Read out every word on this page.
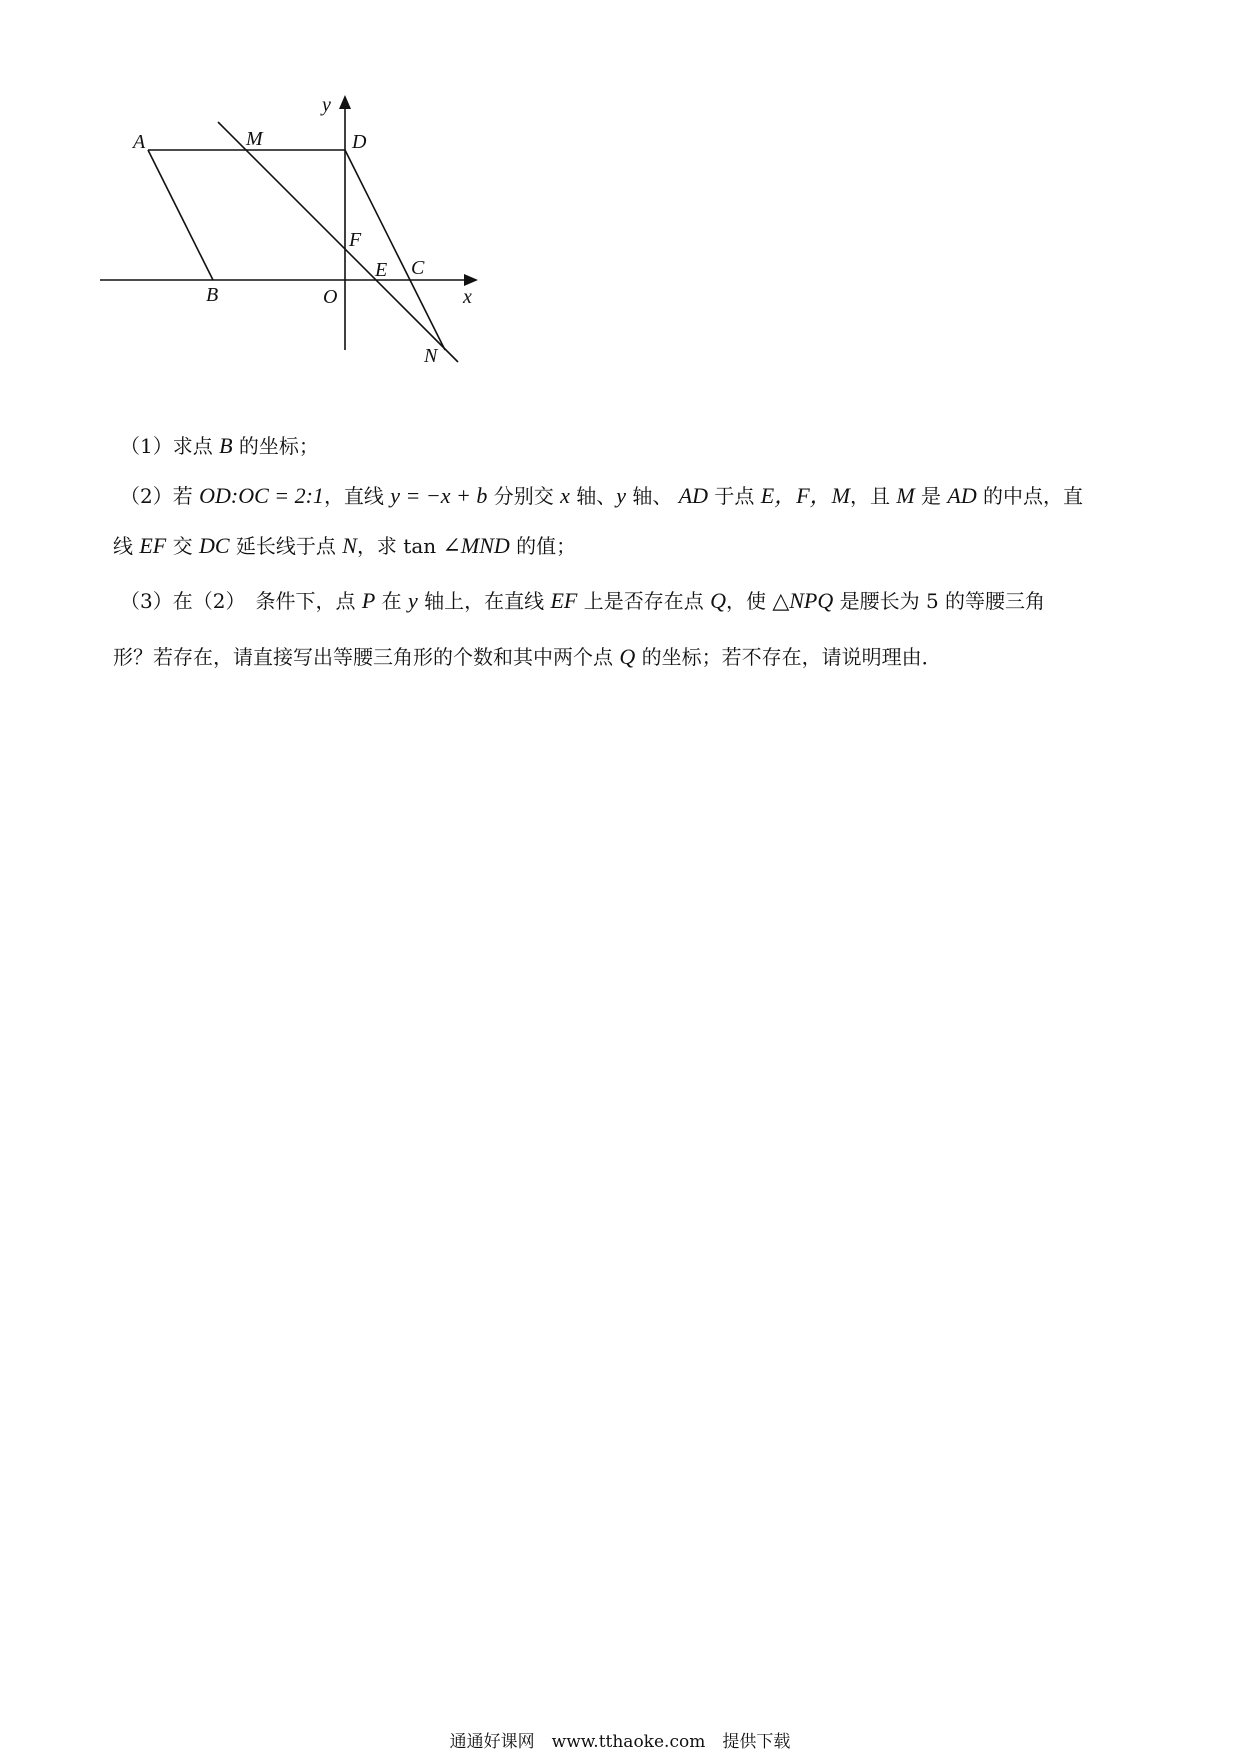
A	M	D
y
F
E C
B	O	x
N
（1）求点 B 的坐标；
（2）若 OD:OC = 2:1，直线 y = −x + b 分别交 x 轴、y 轴、 AD 于点 E，F，M，且 M 是 AD 的中点，直
线 EF 交 DC 延长线于点 N，求 tan ∠MND 的值；
（3）在（2）　条件下，点 P 在 y 轴上，在直线 EF 上是否存在点 Q，使 △NPQ 是腰长为 5 的等腰三角
形？若存在，请直接写出等腰三角形的个数和其中两个点 Q 的坐标；若不存在，请说明理由．
通通好课网　www.tthaoke.com　提供下载
